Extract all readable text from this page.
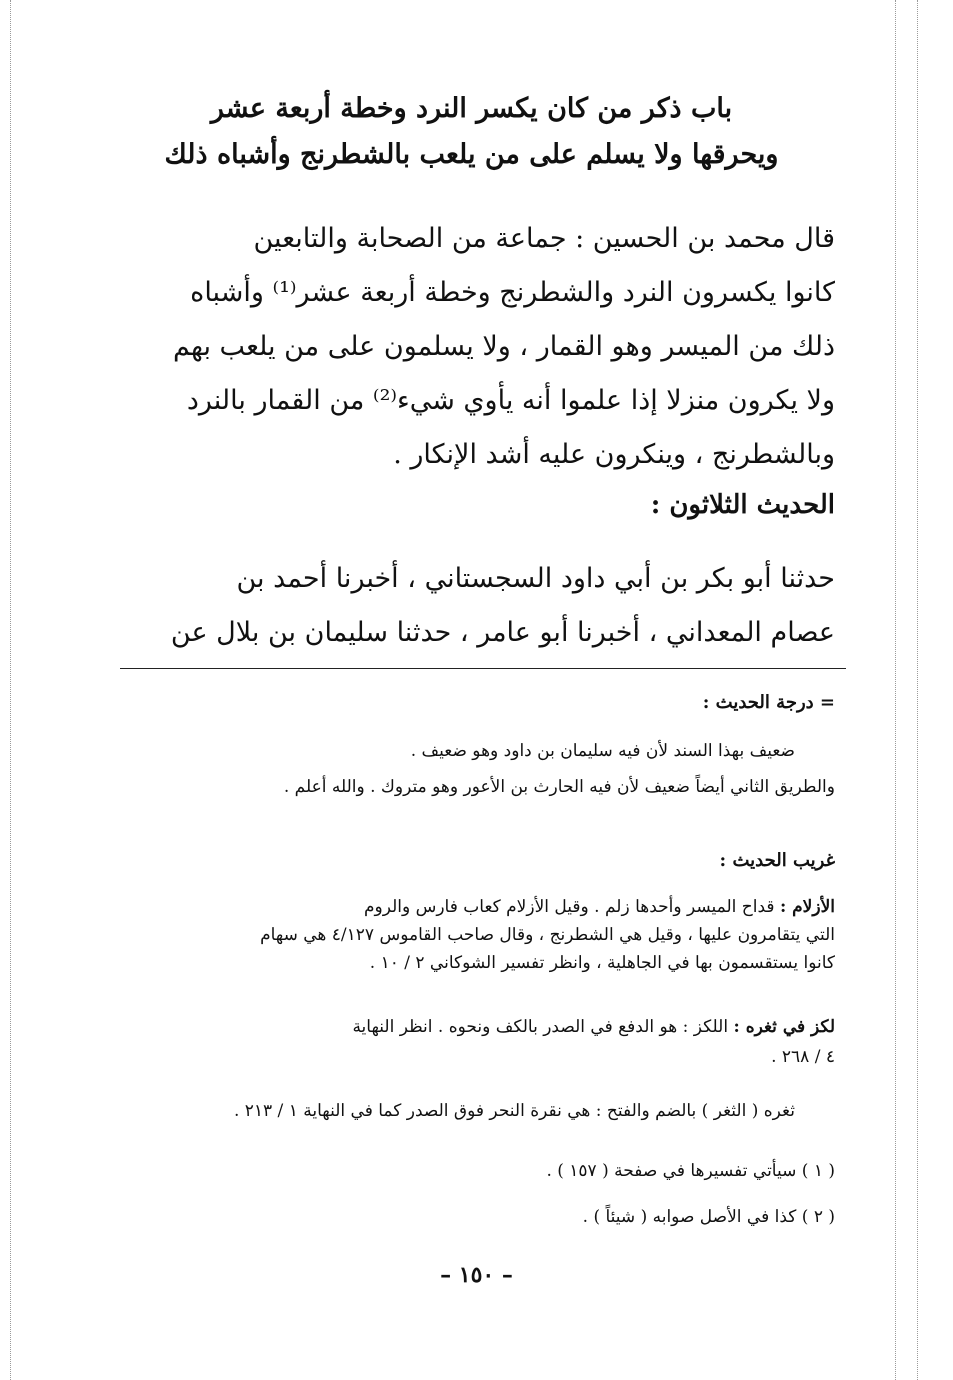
باب ذكر من كان يكسر النرد وخطة أربعة عشر
ويحرقها ولا يسلم على من يلعب بالشطرنج وأشباه ذلك
قال محمد بن الحسين : جماعة من الصحابة والتابعين
كانوا يكسرون النرد والشطرنج وخطة أربعة عشر⁽¹⁾ وأشباه
ذلك من الميسر وهو القمار ، ولا يسلمون على من يلعب بهم
ولا يكرون منزلا إذا علموا أنه يأوي شيء⁽²⁾ من القمار بالنرد
وبالشطرنج ، وينكرون عليه أشد الإنكار .
الحديث الثلاثون :
حدثنا أبو بكر بن أبي داود السجستاني ، أخبرنا أحمد بن
عصام المعداني ، أخبرنا أبو عامر ، حدثنا سليمان بن بلال عن
= درجة الحديث :
ضعيف بهذا السند لأن فيه سليمان بن داود وهو ضعيف .
والطريق الثاني أيضاً ضعيف لأن فيه الحارث بن الأعور وهو متروك . والله أعلم .
غريب الحديث :
الأزلام : قداح الميسر وأحدها زلم . وقيل الأزلام كعاب فارس والروم
التي يتقامرون عليها ، وقيل هي الشطرنج ، وقال صاحب القاموس ٤/١٢٧ هي سهام
كانوا يستقسمون بها في الجاهلية ، وانظر تفسير الشوكاني ٢ / ١٠ .
لكز في ثغره : اللكز : هو الدفع في الصدر بالكف ونحوه . انظر النهاية
٤ / ٢٦٨ .
ثغره ( الثغر ) بالضم والفتح : هي نقرة النحر فوق الصدر كما في النهاية ١ / ٢١٣ .
( ١ ) سيأتي تفسيرها في صفحة ( ١٥٧ ) .
( ٢ ) كذا في الأصل صوابه ( شيئاً ) .
– ١٥٠ –
